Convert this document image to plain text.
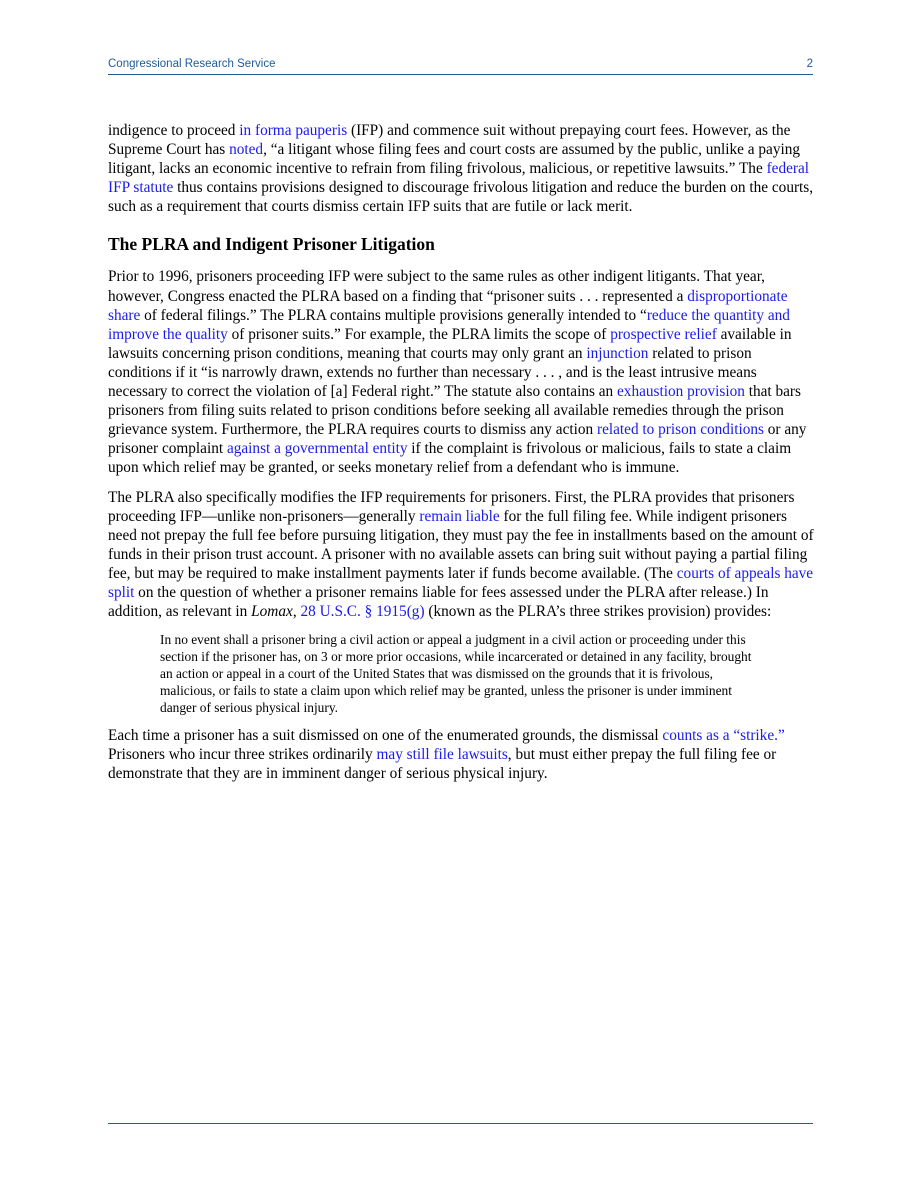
Congressional Research Service	2

indigence to proceed in forma pauperis (IFP) and commence suit without prepaying court fees. However, as the Supreme Court has noted, “a litigant whose filing fees and court costs are assumed by the public, unlike a paying litigant, lacks an economic incentive to refrain from filing frivolous, malicious, or repetitive lawsuits.” The federal IFP statute thus contains provisions designed to discourage frivolous litigation and reduce the burden on the courts, such as a requirement that courts dismiss certain IFP suits that are futile or lack merit.

The PLRA and Indigent Prisoner Litigation

Prior to 1996, prisoners proceeding IFP were subject to the same rules as other indigent litigants. That year, however, Congress enacted the PLRA based on a finding that “prisoner suits . . . represented a disproportionate share of federal filings.” The PLRA contains multiple provisions generally intended to “reduce the quantity and improve the quality of prisoner suits.” For example, the PLRA limits the scope of prospective relief available in lawsuits concerning prison conditions, meaning that courts may only grant an injunction related to prison conditions if it “is narrowly drawn, extends no further than necessary . . . , and is the least intrusive means necessary to correct the violation of [a] Federal right.” The statute also contains an exhaustion provision that bars prisoners from filing suits related to prison conditions before seeking all available remedies through the prison grievance system. Furthermore, the PLRA requires courts to dismiss any action related to prison conditions or any prisoner complaint against a governmental entity if the complaint is frivolous or malicious, fails to state a claim upon which relief may be granted, or seeks monetary relief from a defendant who is immune.

The PLRA also specifically modifies the IFP requirements for prisoners. First, the PLRA provides that prisoners proceeding IFP—unlike non-prisoners—generally remain liable for the full filing fee. While indigent prisoners need not prepay the full fee before pursuing litigation, they must pay the fee in installments based on the amount of funds in their prison trust account. A prisoner with no available assets can bring suit without paying a partial filing fee, but may be required to make installment payments later if funds become available. (The courts of appeals have split on the question of whether a prisoner remains liable for fees assessed under the PLRA after release.) In addition, as relevant in Lomax, 28 U.S.C. § 1915(g) (known as the PLRA’s three strikes provision) provides:

In no event shall a prisoner bring a civil action or appeal a judgment in a civil action or proceeding under this section if the prisoner has, on 3 or more prior occasions, while incarcerated or detained in any facility, brought an action or appeal in a court of the United States that was dismissed on the grounds that it is frivolous, malicious, or fails to state a claim upon which relief may be granted, unless the prisoner is under imminent danger of serious physical injury.

Each time a prisoner has a suit dismissed on one of the enumerated grounds, the dismissal counts as a “strike.” Prisoners who incur three strikes ordinarily may still file lawsuits, but must either prepay the full filing fee or demonstrate that they are in imminent danger of serious physical injury.
